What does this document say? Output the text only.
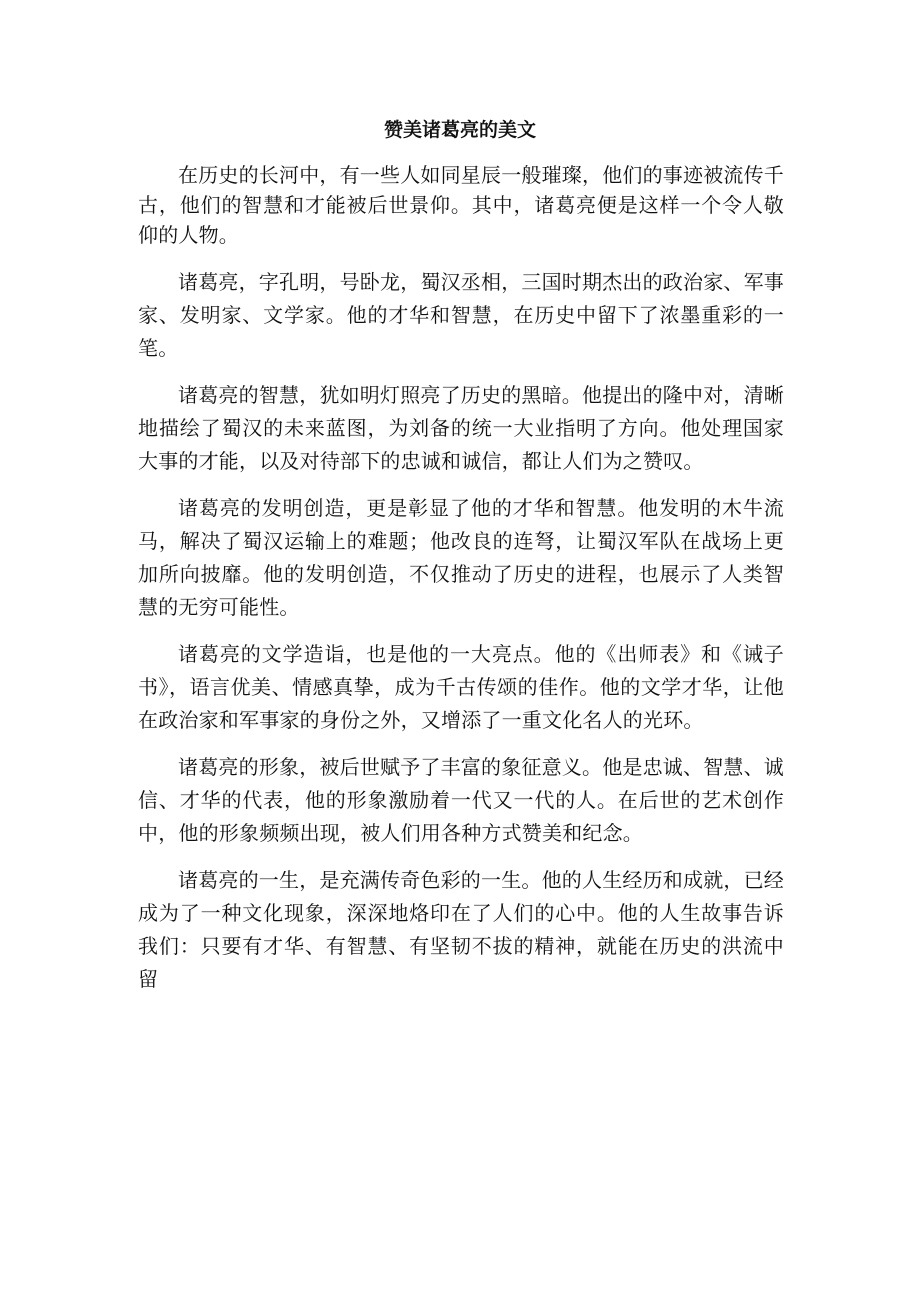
赞美诸葛亮的美文

在历史的长河中，有一些人如同星辰一般璀璨，他们的事迹被流传千古，他们的智慧和才能被后世景仰。其中，诸葛亮便是这样一个令人敬仰的人物。

诸葛亮，字孔明，号卧龙，蜀汉丞相，三国时期杰出的政治家、军事家、发明家、文学家。他的才华和智慧，在历史中留下了浓墨重彩的一笔。

诸葛亮的智慧，犹如明灯照亮了历史的黑暗。他提出的隆中对，清晰地描绘了蜀汉的未来蓝图，为刘备的统一大业指明了方向。他处理国家大事的才能，以及对待部下的忠诚和诚信，都让人们为之赞叹。

诸葛亮的发明创造，更是彰显了他的才华和智慧。他发明的木牛流马，解决了蜀汉运输上的难题；他改良的连弩，让蜀汉军队在战场上更加所向披靡。他的发明创造，不仅推动了历史的进程，也展示了人类智慧的无穷可能性。

诸葛亮的文学造诣，也是他的一大亮点。他的《出师表》和《诫子书》，语言优美、情感真挚，成为千古传颂的佳作。他的文学才华，让他在政治家和军事家的身份之外，又增添了一重文化名人的光环。

诸葛亮的形象，被后世赋予了丰富的象征意义。他是忠诚、智慧、诚信、才华的代表，他的形象激励着一代又一代的人。在后世的艺术创作中，他的形象频频出现，被人们用各种方式赞美和纪念。

诸葛亮的一生，是充满传奇色彩的一生。他的人生经历和成就，已经成为了一种文化现象，深深地烙印在了人们的心中。他的人生故事告诉我们：只要有才华、有智慧、有坚韧不拔的精神，就能在历史的洪流中留
